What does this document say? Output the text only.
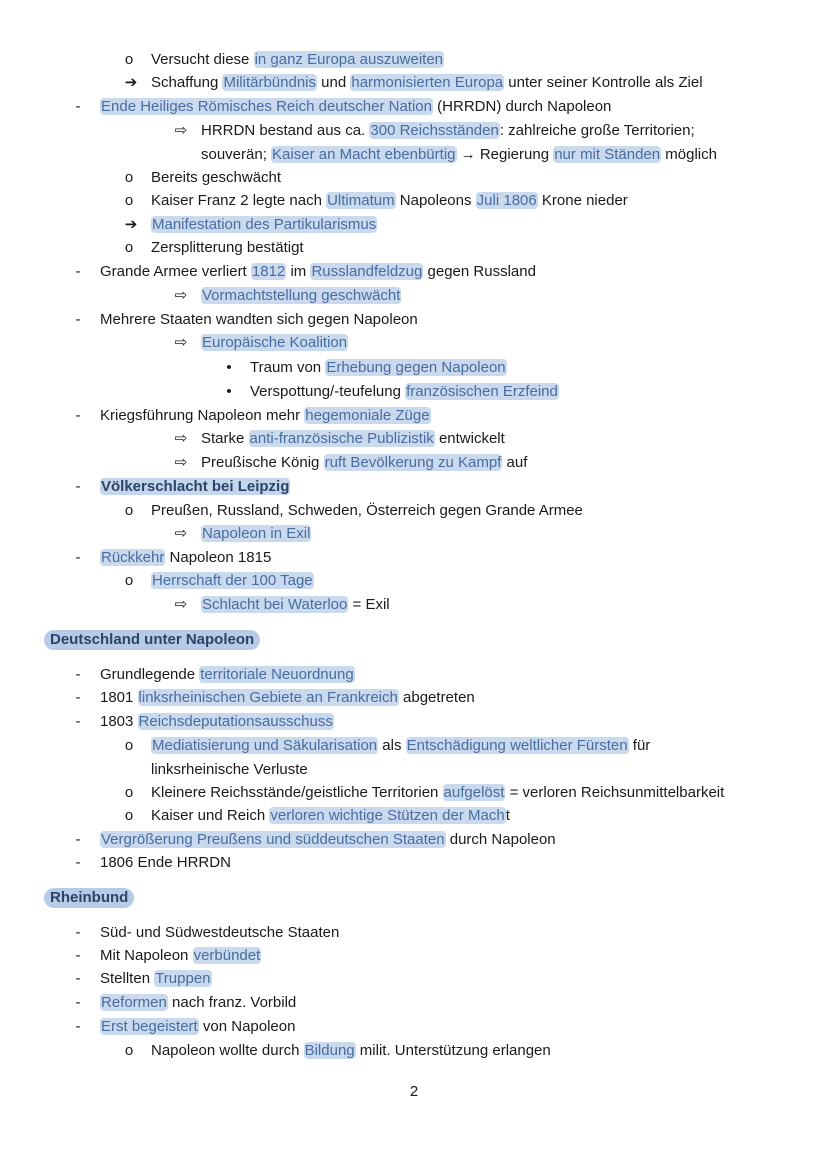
o Versucht diese in ganz Europa auszuweiten
➔ Schaffung Militärbündnis und harmonisierten Europa unter seiner Kontrolle als Ziel
- Ende Heiliges Römisches Reich deutscher Nation (HRRDN) durch Napoleon
⇨ HRRDN bestand aus ca. 300 Reichsständen: zahlreiche große Territorien;
souverän; Kaiser an Macht ebenbürtig → Regierung nur mit Ständen möglich
o Bereits geschwächt
o Kaiser Franz 2 legte nach Ultimatum Napoleons Juli 1806 Krone nieder
➔ Manifestation des Partikularismus
o Zersplitterung bestätigt
- Grande Armee verliert 1812 im Russlandfeldzug gegen Russland
⇨ Vormachtstellung geschwächt
- Mehrere Staaten wandten sich gegen Napoleon
⇨ Europäische Koalition
• Traum von Erhebung gegen Napoleon
• Verspottung/-teufelung französischen Erzfeind
- Kriegsführung Napoleon mehr hegemoniale Züge
⇨ Starke anti-französische Publizistik entwickelt
⇨ Preußische König ruft Bevölkerung zu Kampf auf
- Völkerschlacht bei Leipzig
o Preußen, Russland, Schweden, Österreich gegen Grande Armee
⇨ Napoleon in Exil
- Rückkehr Napoleon 1815
o Herrschaft der 100 Tage
⇨ Schlacht bei Waterloo = Exil
Deutschland unter Napoleon
- Grundlegende territoriale Neuordnung
- 1801 linksrheinischen Gebiete an Frankreich abgetreten
- 1803 Reichsdeputationsausschuss
o Mediatisierung und Säkularisation als Entschädigung weltlicher Fürsten für
linksrheinische Verluste
o Kleinere Reichsstände/geistliche Territorien aufgelöst = verloren Reichsunmittelbarkeit
o Kaiser und Reich verloren wichtige Stützen der Macht
- Vergrößerung Preußens und süddeutschen Staaten durch Napoleon
- 1806 Ende HRRDN
Rheinbund
- Süd- und Südwestdeutsche Staaten
- Mit Napoleon verbündet
- Stellten Truppen
- Reformen nach franz. Vorbild
- Erst begeistert von Napoleon
o Napoleon wollte durch Bildung milit. Unterstützung erlangen
2
